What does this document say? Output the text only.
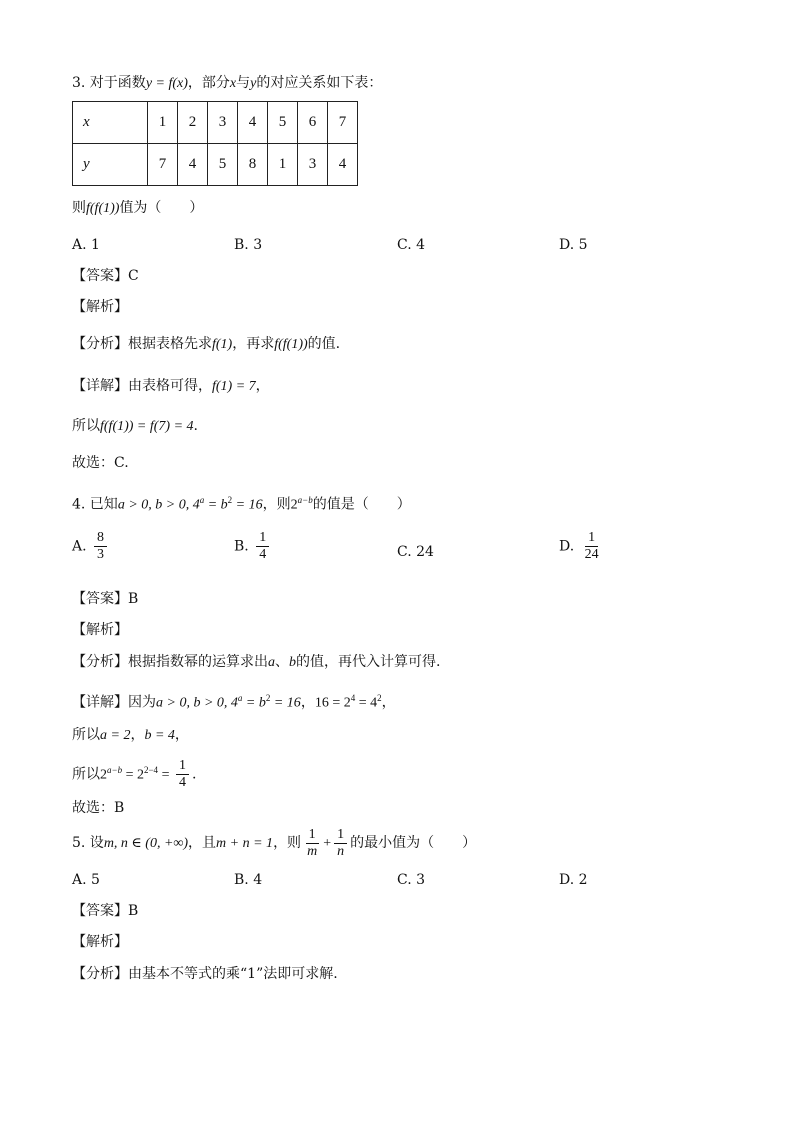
3. 对于函数y = f(x)，部分x与y的对应关系如下表：
x	1	2	3	4	5	6	7
y	7	4	5	8	1	3	4
则f(f(1))值为（　　）
A. 1	B. 3	C. 4	D. 5
【答案】C
【解析】
【分析】根据表格先求f(1)，再求f(f(1))的值.
【详解】由表格可得，f(1) = 7，
所以f(f(1)) = f(7) = 4.
故选：C.
4. 已知a > 0, b > 0, $4^a = b^2 = 16$，则$2^{a-b}$的值是（　　）
A. $\frac{8}{3}$	B. $\frac{1}{4}$	C. 24	D. $\frac{1}{24}$
【答案】B
【解析】
【分析】根据指数幂的运算求出a、b的值，再代入计算可得.
【详解】因为a > 0, b > 0, $4^a = b^2 = 16$，$16 = 2^4 = 4^2$，
所以a = 2，b = 4，
所以$2^{a-b} = 2^{2-4} = \frac{1}{4}$ .
故选：B
5. 设m, n ∈ (0, +∞)，且m + n = 1，则 $\frac{1}{m} + \frac{1}{n}$ 的最小值为（　　）
A. 5	B. 4	C. 3	D. 2
【答案】B
【解析】
【分析】由基本不等式的乘“1”法即可求解.
